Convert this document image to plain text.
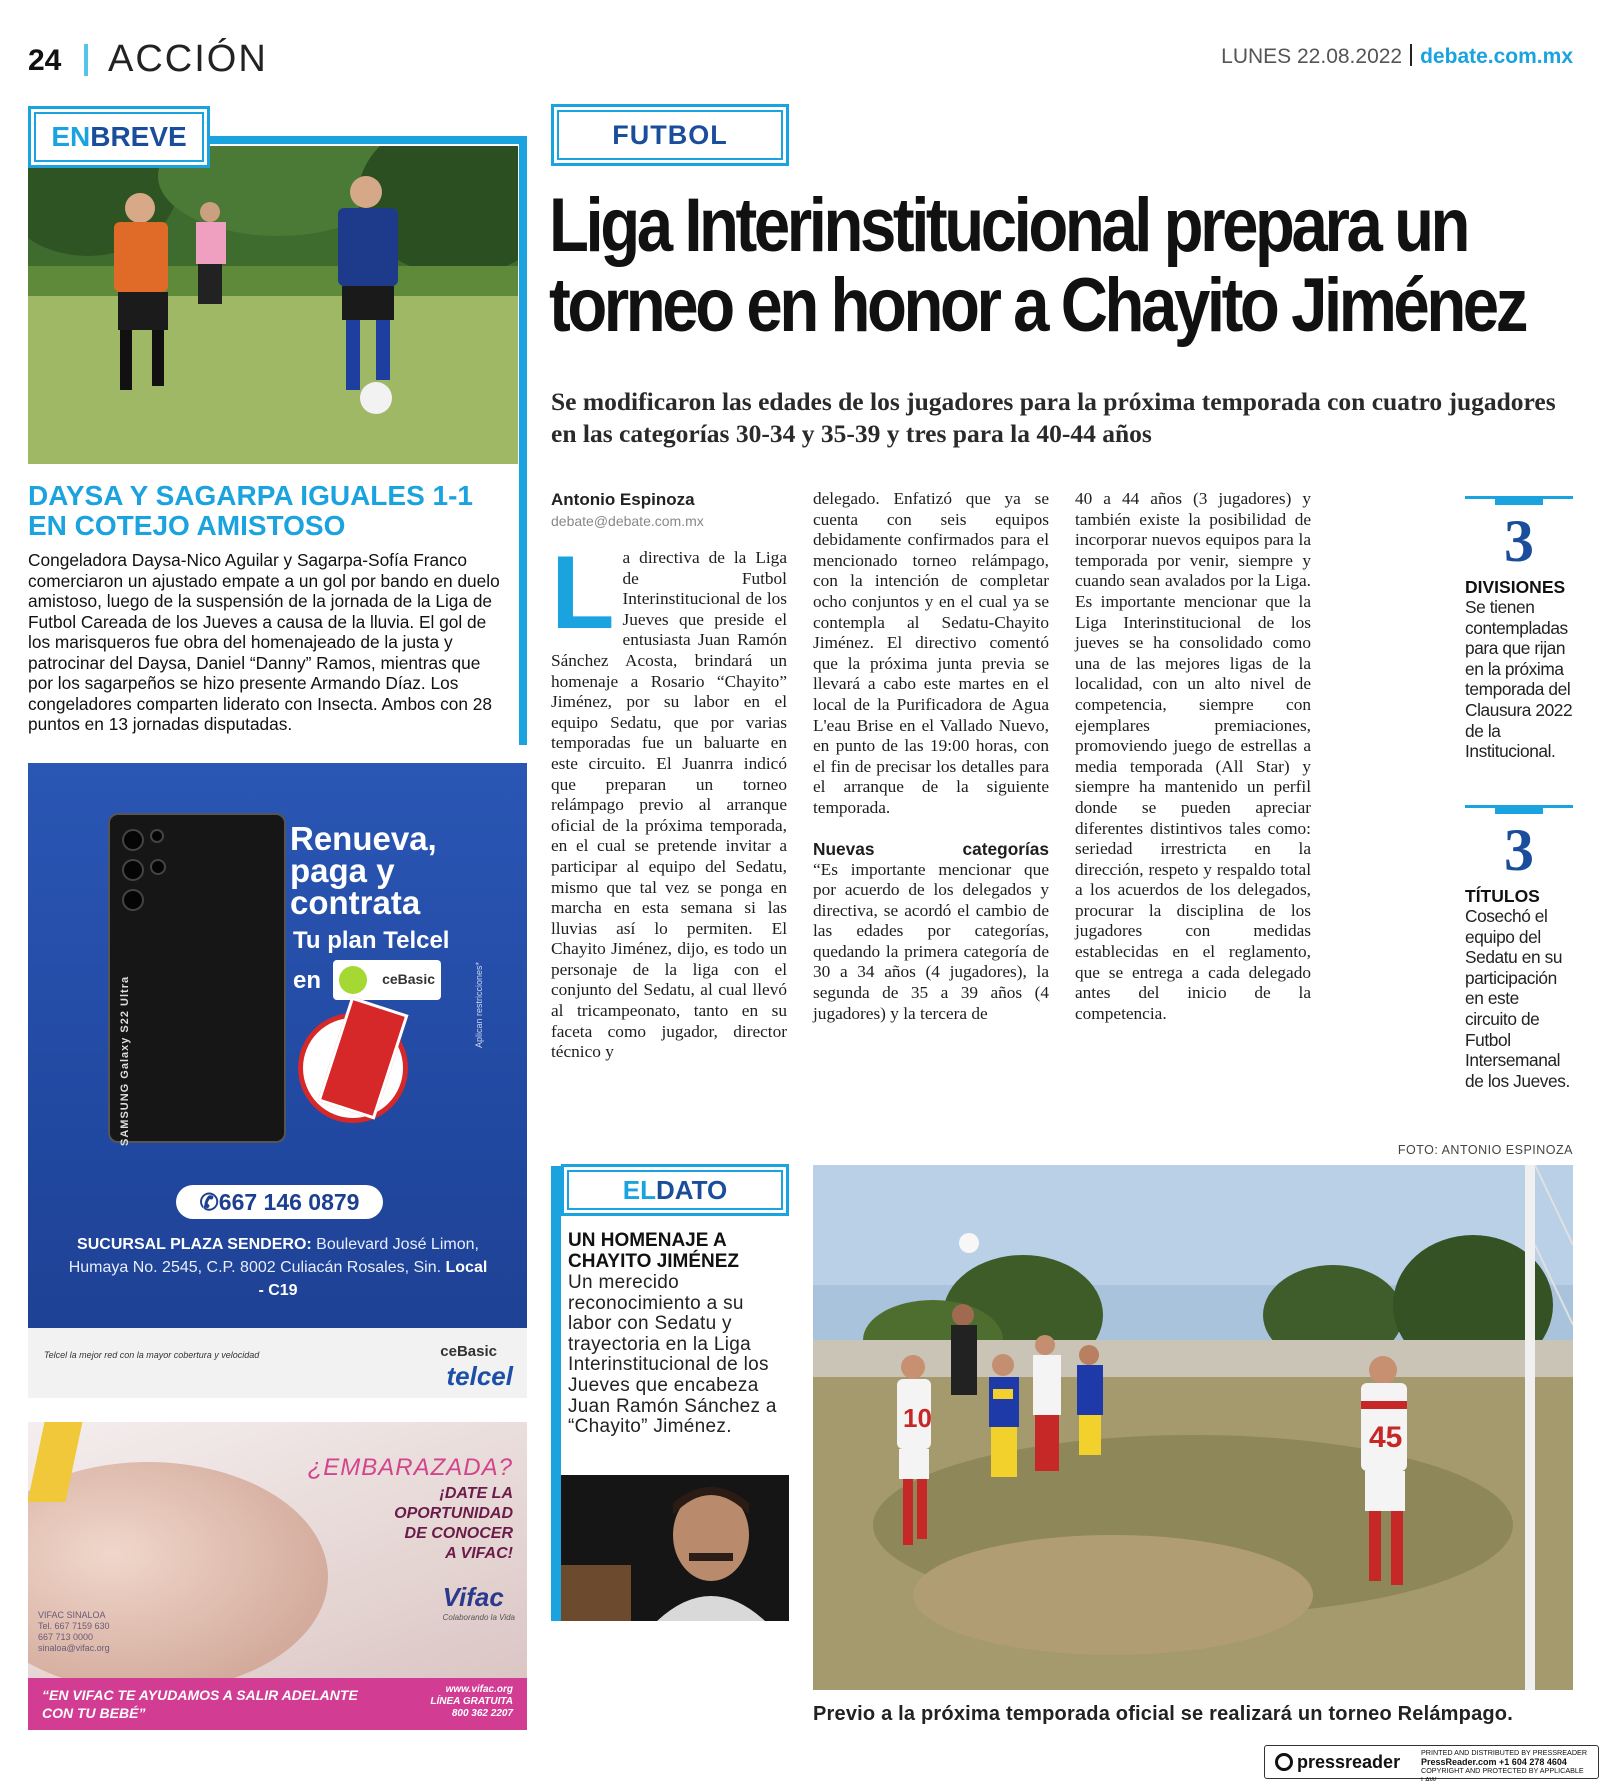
24 ACCIÓN	LUNES 22.08.2022 debate.com.mx
ENBREVE
DAYSA Y SAGARPA IGUALES 1-1 EN COTEJO AMISTOSO
Congeladora Daysa-Nico Aguilar y Sagarpa-Sofía Franco comerciaron un ajustado empate a un gol por bando en duelo amistoso, luego de la suspensión de la jornada de la Liga de Futbol Careada de los Jueves a causa de la lluvia. El gol de los marisqueros fue obra del homenajeado de la justa y patrocinar del Daysa, Daniel “Danny” Ramos, mientras que por los sagarpeños se hizo presente Armando Díaz. Los congeladores comparten liderato con Insecta. Ambos con 28 puntos en 13 jornadas disputadas.
SAMSUNG Galaxy S22 Ultra
Renueva,
paga y
contrata
Tu plan Telcel
en	ceBasic	Aplican restricciones*
✆667 146 0879
SUCURSAL PLAZA SENDERO: Boulevard José Limon, Humaya No. 2545, C.P. 8002 Culiacán Rosales, Sin. Local - C19
Telcel la mejor red con la mayor cobertura y velocidad	ceBasic
telcel
¿EMBARAZADA?
¡DATE LA
OPORTUNIDAD
DE CONOCER
A VIFAC!
Vifac
Colaborando la Vida
VIFAC SINALOA
Tel. 667 7159 630
667 713 0000
sinaloa@vifac.org
“EN VIFAC TE AYUDAMOS A SALIR ADELANTE CON TU BEBÉ”
www.vifac.org
LÍNEA GRATUITA
800 362 2207
FUTBOL
Liga Interinstitucional prepara un
torneo en honor a Chayito Jiménez
Se modificaron las edades de los jugadores para la próxima temporada con cuatro jugadores en las categorías 30-34 y 35-39 y tres para la 40-44 años
Antonio Espinoza
debate@debate.com.mx
La directiva de la Liga de Futbol Interinstitucional de los Jueves que preside el entusiasta Juan Ramón Sánchez Acosta, brindará un homenaje a Rosario “Chayito” Jiménez, por su labor en el equipo Sedatu, que por varias temporadas fue un baluarte en este circuito. El Juanrra indicó que preparan un torneo relámpago previo al arranque oficial de la próxima temporada, en el cual se pretende invitar a participar al equipo del Sedatu, mismo que tal vez se ponga en marcha en esta semana si las lluvias así lo permiten. El Chayito Jiménez, dijo, es todo un personaje de la liga con el conjunto del Sedatu, al cual llevó al tricampeonato, tanto en su faceta como jugador, director técnico y
delegado. Enfatizó que ya se cuenta con seis equipos debidamente confirmados para el mencionado torneo relámpago, con la intención de completar ocho conjuntos y en el cual ya se contempla al Sedatu-Chayito Jiménez. El directivo comentó que la próxima junta previa se llevará a cabo este martes en el local de la Purificadora de Agua L'eau Brise en el Vallado Nuevo, en punto de las 19:00 horas, con el fin de precisar los detalles para el arranque de la siguiente temporada.
Nuevas categorías
“Es importante mencionar que por acuerdo de los delegados y directiva, se acordó el cambio de las edades por categorías, quedando la primera categoría de 30 a 34 años (4 jugadores), la segunda de 35 a 39 años (4 jugadores) y la tercera de
40 a 44 años (3 jugadores) y también existe la posibilidad de incorporar nuevos equipos para la temporada por venir, siempre y cuando sean avalados por la Liga. Es importante mencionar que la Liga Interinstitucional de los jueves se ha consolidado como una de las mejores ligas de la localidad, con un alto nivel de competencia, siempre con ejemplares premiaciones, promoviendo juego de estrellas a media temporada (All Star) y siempre ha mantenido un perfil donde se pueden apreciar diferentes distintivos tales como: seriedad irrestricta en la dirección, respeto y respaldo total a los acuerdos de los delegados, procurar la disciplina de los jugadores con medidas establecidas en el reglamento, que se entrega a cada delegado antes del inicio de la competencia.
3
DIVISIONES
Se tienen contempladas para que rijan en la próxima temporada del Clausura 2022 de la Institucional.
3
TÍTULOS
Cosechó el equipo del Sedatu en su participación en este circuito de Futbol Intersemanal de los Jueves.
ELDATO
UN HOMENAJE A CHAYITO JIMÉNEZ
Un merecido reconocimiento a su labor con Sedatu y trayectoria en la Liga Interinstitucional de los Jueves que encabeza Juan Ramón Sánchez a “Chayito” Jiménez.
FOTO: ANTONIO ESPINOZA
10
45
Previo a la próxima temporada oficial se realizará un torneo Relámpago.
pressreader	PRINTED AND DISTRIBUTED BY PRESSREADER
PressReader.com +1 604 278 4604
COPYRIGHT AND PROTECTED BY APPLICABLE LAW
